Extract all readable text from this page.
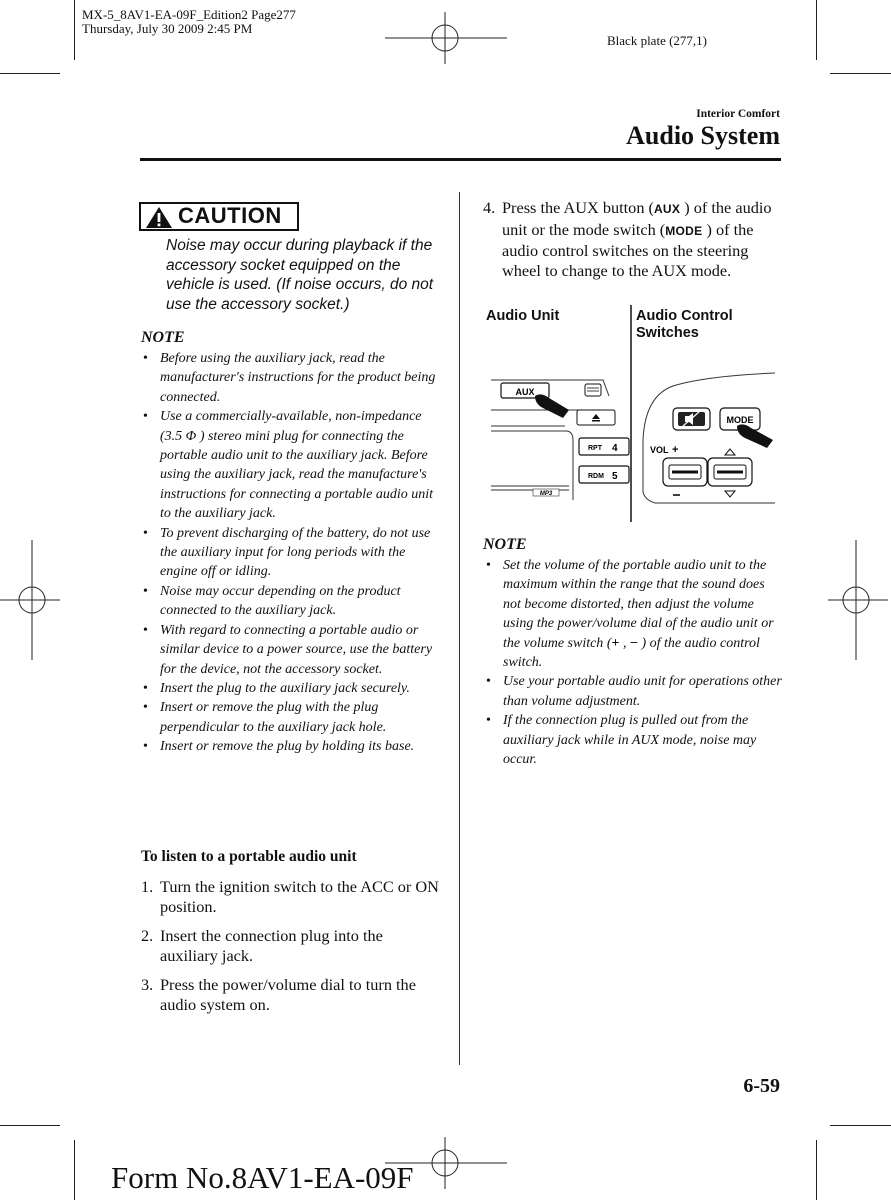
MX-5_8AV1-EA-09F_Edition2 Page277
Thursday, July 30 2009 2:45 PM
Black plate (277,1)
Interior Comfort
Audio System
CAUTION
Noise may occur during playback if the accessory socket equipped on the vehicle is used. (If noise occurs, do not use the accessory socket.)
NOTE
• Before using the auxiliary jack, read the manufacturer's instructions for the product being connected.
• Use a commercially-available, non-impedance (3.5 Φ ) stereo mini plug for connecting the portable audio unit to the auxiliary jack. Before using the auxiliary jack, read the manufacture's instructions for connecting a portable audio unit to the auxiliary jack.
• To prevent discharging of the battery, do not use the auxiliary input for long periods with the engine off or idling.
• Noise may occur depending on the product connected to the auxiliary jack.
• With regard to connecting a portable audio or similar device to a power source, use the battery for the device, not the accessory socket.
• Insert the plug to the auxiliary jack securely.
• Insert or remove the plug with the plug perpendicular to the auxiliary jack hole.
• Insert or remove the plug by holding its base.
To listen to a portable audio unit
1. Turn the ignition switch to the ACC or ON position.
2. Insert the connection plug into the auxiliary jack.
3. Press the power/volume dial to turn the audio system on.
4. Press the AUX button (AUX ) of the audio unit or the mode switch (MODE ) of the audio control switches on the steering wheel to change to the AUX mode.
Audio Unit	Audio Control
Switches
AUX
RPT 4
RDM 5
MP3
MODE
VOL +
NOTE
• Set the volume of the portable audio unit to the maximum within the range that the sound does not become distorted, then adjust the volume using the power/volume dial of the audio unit or the volume switch (+ , − ) of the audio control switch.
• Use your portable audio unit for operations other than volume adjustment.
• If the connection plug is pulled out from the auxiliary jack while in AUX mode, noise may occur.
6-59
Form No.8AV1-EA-09F
